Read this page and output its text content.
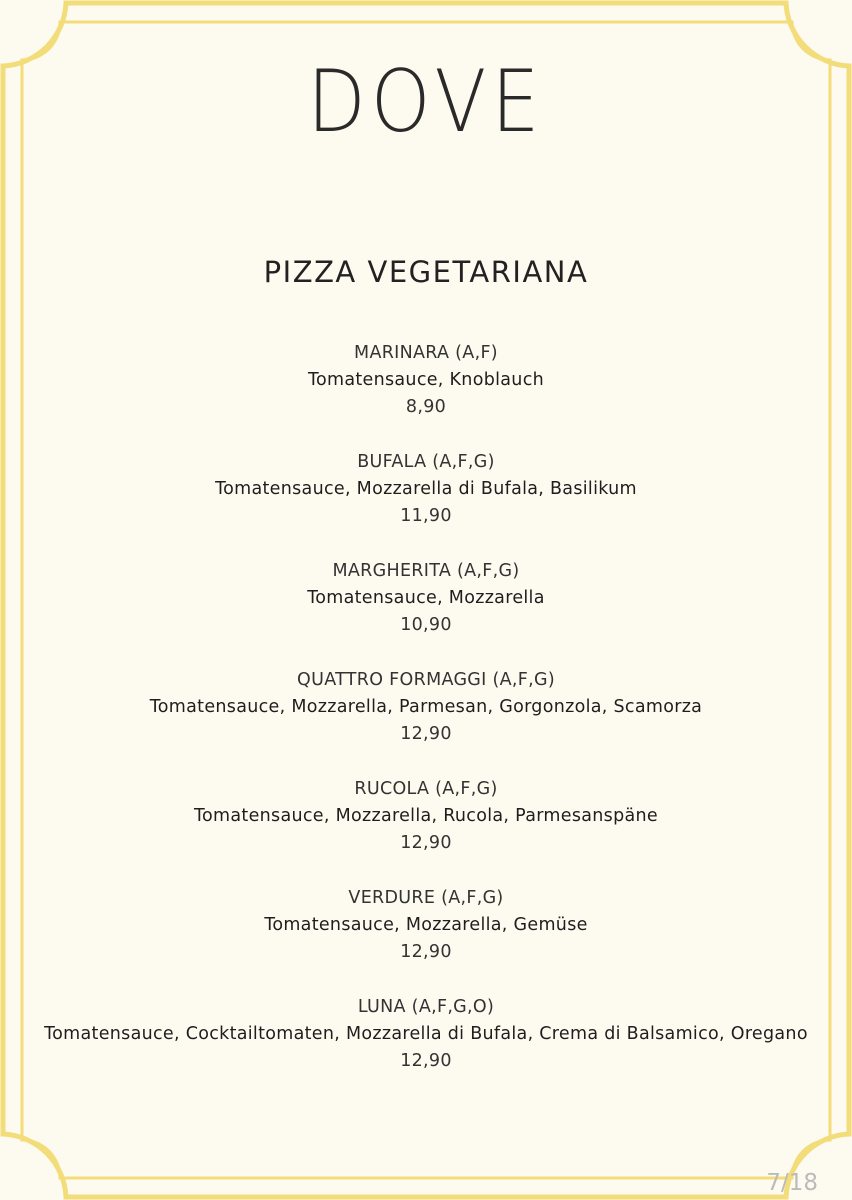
DOVE
PIZZA VEGETARIANA
MARINARA (A,F)
Tomatensauce, Knoblauch
8,90
BUFALA (A,F,G)
Tomatensauce, Mozzarella di Bufala, Basilikum
11,90
MARGHERITA (A,F,G)
Tomatensauce, Mozzarella
10,90
QUATTRO FORMAGGI (A,F,G)
Tomatensauce, Mozzarella, Parmesan, Gorgonzola, Scamorza
12,90
RUCOLA (A,F,G)
Tomatensauce, Mozzarella, Rucola, Parmesanspäne
12,90
VERDURE (A,F,G)
Tomatensauce, Mozzarella, Gemüse
12,90
LUNA (A,F,G,O)
Tomatensauce, Cocktailtomaten, Mozzarella di Bufala, Crema di Balsamico, Oregano
12,90
7/18
